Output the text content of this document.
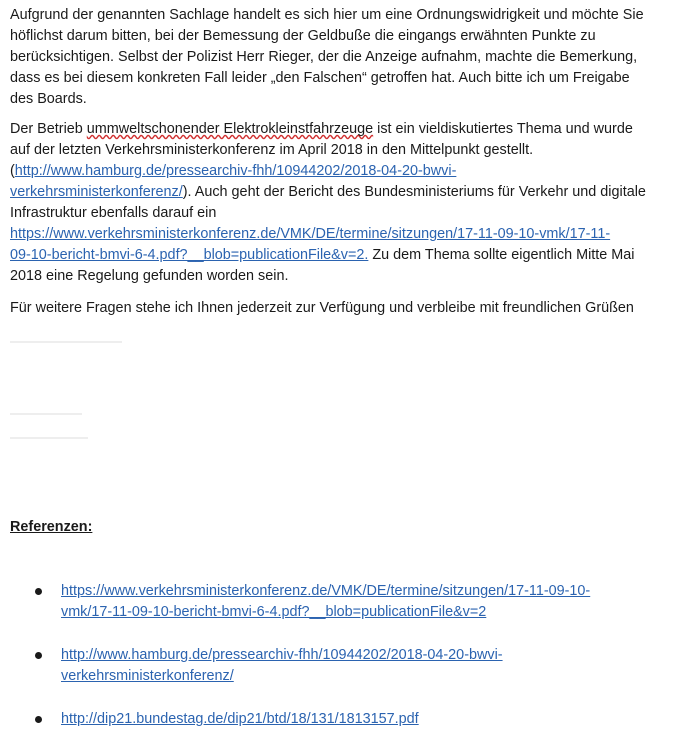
Aufgrund der genannten Sachlage handelt es sich hier um eine Ordnungswidrigkeit und möchte Sie
höflichst darum bitten, bei der Bemessung der Geldbuße die eingangs erwähnten Punkte zu
berücksichtigen. Selbst der Polizist Herr Rieger, der die Anzeige aufnahm, machte die Bemerkung,
dass es bei diesem konkreten Fall leider „den Falschen“ getroffen hat. Auch bitte ich um Freigabe
des Boards.

Der Betrieb ummweltschonender Elektrokleinstfahrzeuge ist ein vieldiskutiertes Thema und wurde
auf der letzten Verkehrsministerkonferenz im April 2018 in den Mittelpunkt gestellt.
(http://www.hamburg.de/pressearchiv-fhh/10944202/2018-04-20-bwvi-
verkehrsministerkonferenz/). Auch geht der Bericht des Bundesministeriums für Verkehr und digitale
Infrastruktur ebenfalls darauf ein
https://www.verkehrsministerkonferenz.de/VMK/DE/termine/sitzungen/17-11-09-10-vmk/17-11-
09-10-bericht-bmvi-6-4.pdf?__blob=publicationFile&v=2. Zu dem Thema sollte eigentlich Mitte Mai
2018 eine Regelung gefunden worden sein.

Für weitere Fragen stehe ich Ihnen jederzeit zur Verfügung und verbleibe mit freundlichen Grüßen

Referenzen:
https://www.verkehrsministerkonferenz.de/VMK/DE/termine/sitzungen/17-11-09-10-
vmk/17-11-09-10-bericht-bmvi-6-4.pdf?__blob=publicationFile&v=2
http://www.hamburg.de/pressearchiv-fhh/10944202/2018-04-20-bwvi-
verkehrsministerkonferenz/
http://dip21.bundestag.de/dip21/btd/18/131/1813157.pdf
